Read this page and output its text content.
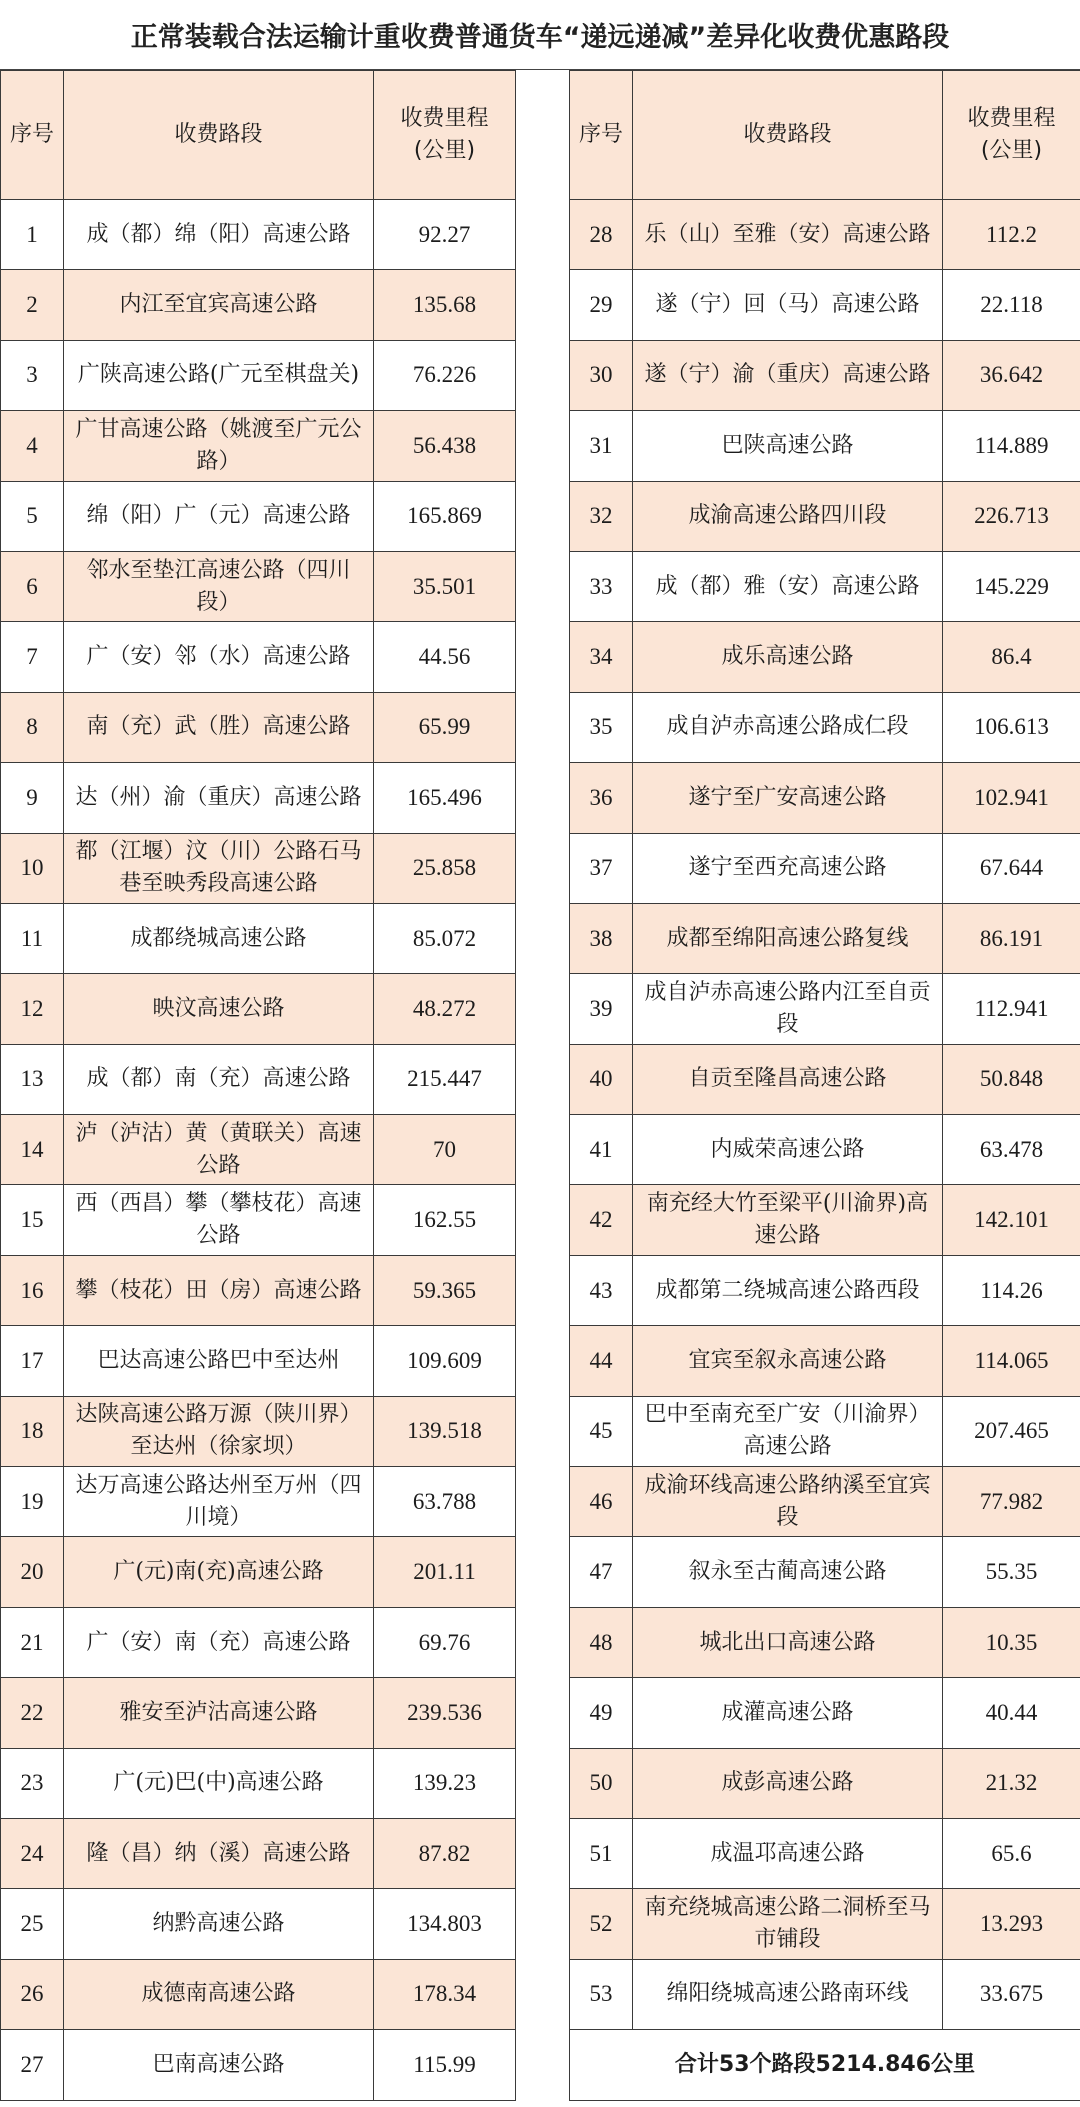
正常装载合法运输计重收费普通货车“递远递减”差异化收费优惠路段
序号	收费路段	收费里程
(公里)

1	成（都）绵（阳）高速公路	92.27
2	内江至宜宾高速公路	135.68
3	广陕高速公路(广元至棋盘关)	76.226
4	广甘高速公路（姚渡至广元公路）	56.438
5	绵（阳）广（元）高速公路	165.869
6	邻水至垫江高速公路（四川段）	35.501
7	广（安）邻（水）高速公路	44.56
8	南（充）武（胜）高速公路	65.99
9	达（州）渝（重庆）高速公路	165.496
10	都（江堰）汶（川）公路石马巷至映秀段高速公路	25.858
11	成都绕城高速公路	85.072
12	映汶高速公路	48.272
13	成（都）南（充）高速公路	215.447
14	泸（泸沽）黄（黄联关）高速公路	70
15	西（西昌）攀（攀枝花）高速公路	162.55
16	攀（枝花）田（房）高速公路	59.365
17	巴达高速公路巴中至达州	109.609
18	达陕高速公路万源（陕川界）至达州（徐家坝）	139.518
19	达万高速公路达州至万州（四川境）	63.788
20	广(元)南(充)高速公路	201.11
21	广（安）南（充）高速公路	69.76
22	雅安至泸沽高速公路	239.536
23	广(元)巴(中)高速公路	139.23
24	隆（昌）纳（溪）高速公路	87.82
25	纳黔高速公路	134.803
26	成德南高速公路	178.34
27	巴南高速公路	115.99
序号	收费路段	收费里程
(公里)

28	乐（山）至雅（安）高速公路	112.2
29	遂（宁）回（马）高速公路	22.118
30	遂（宁）渝（重庆）高速公路	36.642
31	巴陕高速公路	114.889
32	成渝高速公路四川段	226.713
33	成（都）雅（安）高速公路	145.229
34	成乐高速公路	86.4
35	成自泸赤高速公路成仁段	106.613
36	遂宁至广安高速公路	102.941
37	遂宁至西充高速公路	67.644
38	成都至绵阳高速公路复线	86.191
39	成自泸赤高速公路内江至自贡段	112.941
40	自贡至隆昌高速公路	50.848
41	内威荣高速公路	63.478
42	南充经大竹至梁平(川渝界)高速公路	142.101
43	成都第二绕城高速公路西段	114.26
44	宜宾至叙永高速公路	114.065
45	巴中至南充至广安（川渝界）高速公路	207.465
46	成渝环线高速公路纳溪至宜宾段	77.982
47	叙永至古蔺高速公路	55.35
48	城北出口高速公路	10.35
49	成灌高速公路	40.44
50	成彭高速公路	21.32
51	成温邛高速公路	65.6
52	南充绕城高速公路二洞桥至马市铺段	13.293
53	绵阳绕城高速公路南环线	33.675
合计53个路段5214.846公里		
